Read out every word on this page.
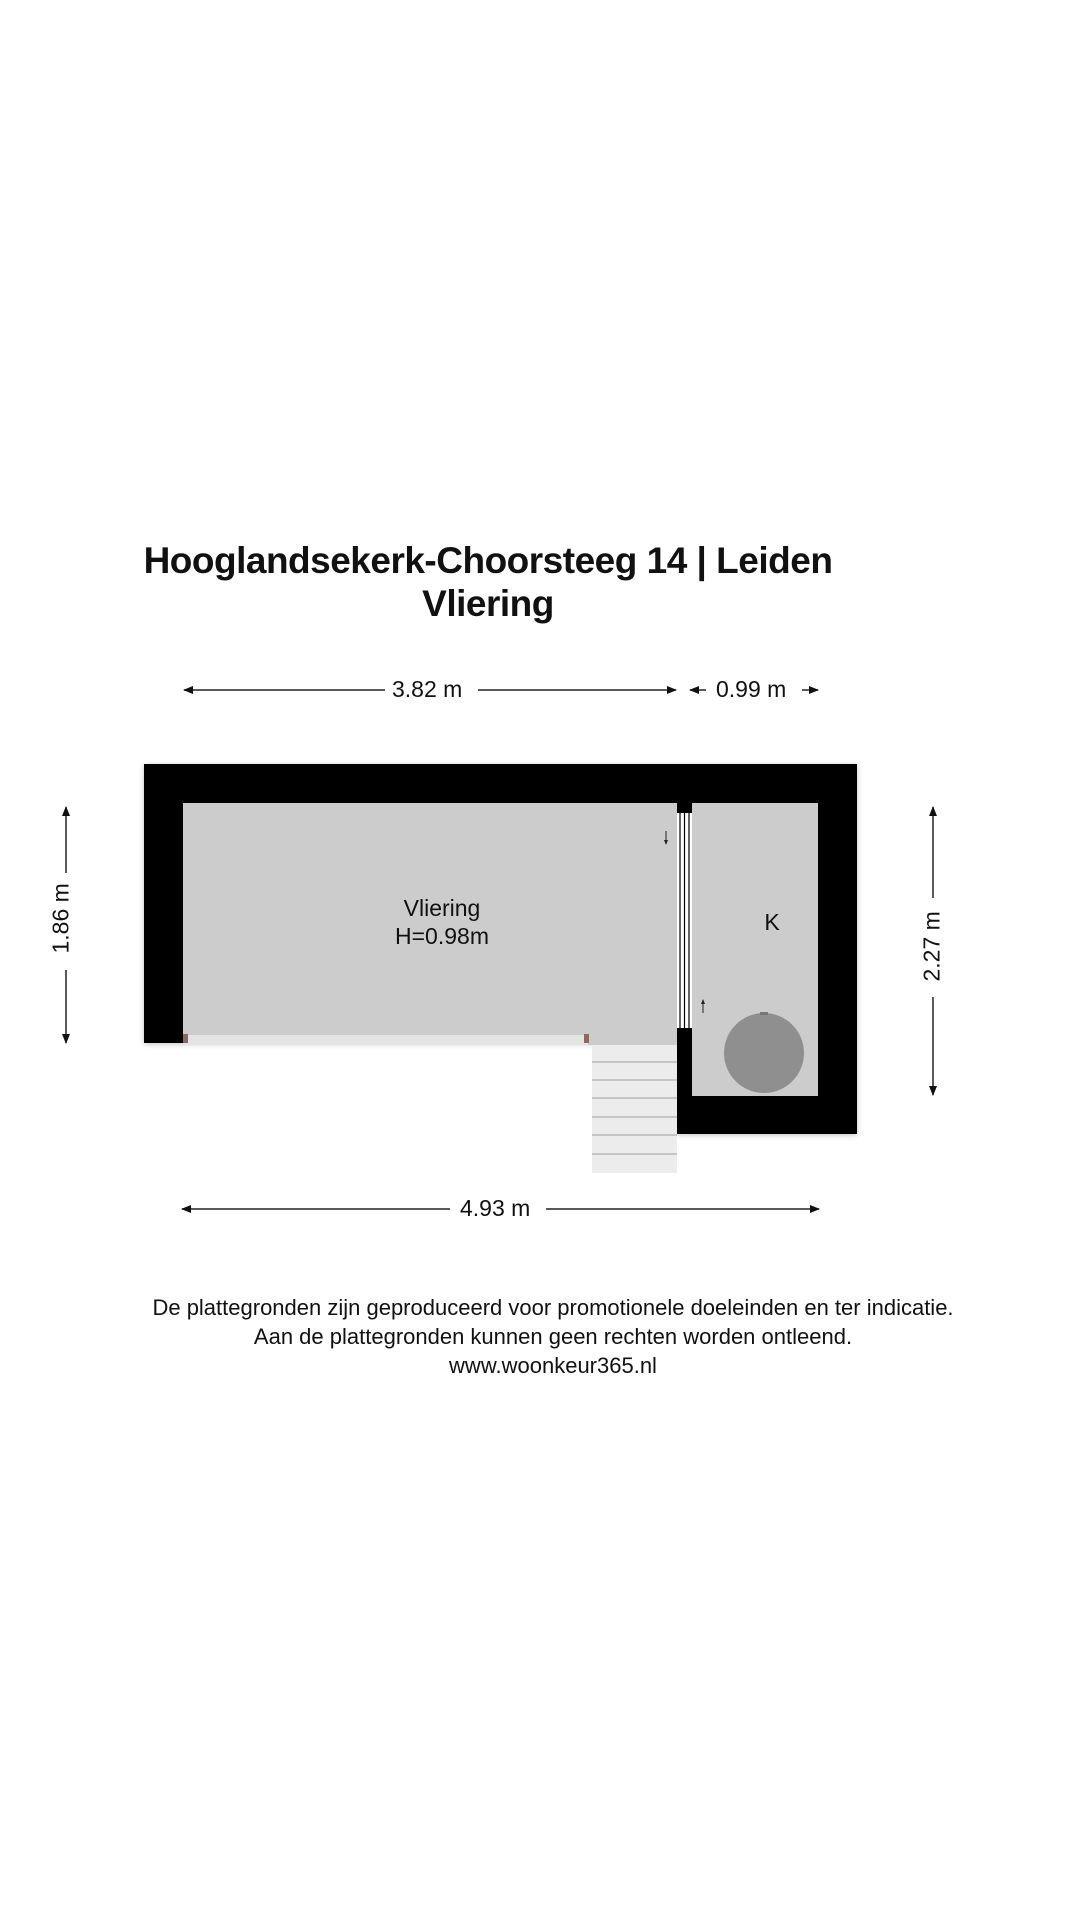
Hooglandsekerk-Choorsteeg 14 | Leiden
Vliering
3.82 m	0.99 m
1.86 m	2.27 m
4.93 m
Vliering
H=0.98m
K
De plattegronden zijn geproduceerd voor promotionele doeleinden en ter indicatie.
Aan de plattegronden kunnen geen rechten worden ontleend.
www.woonkeur365.nl
